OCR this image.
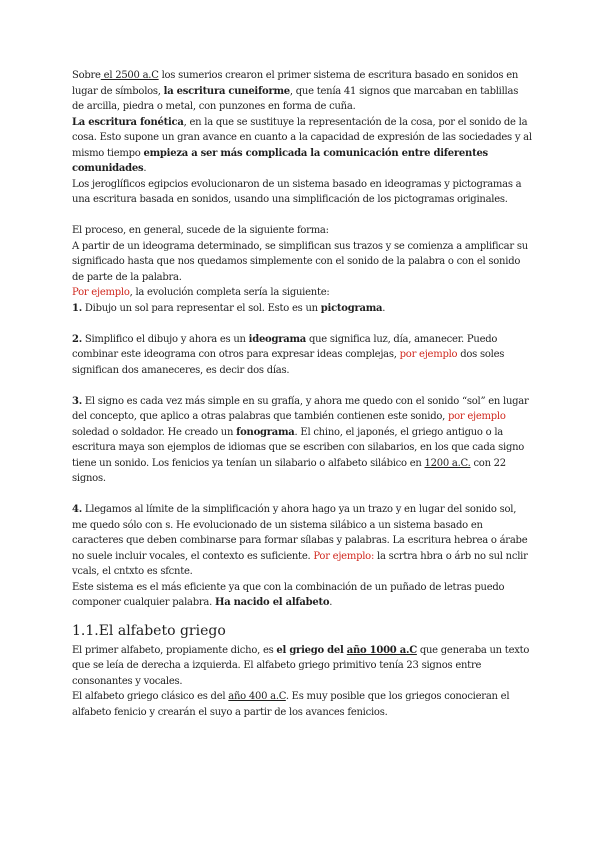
Sobre el 2500 a.C los sumerios crearon el primer sistema de escritura basado en sonidos en lugar de símbolos, la escritura cuneiforme, que tenía 41 signos que marcaban en tablillas de arcilla, piedra o metal, con punzones en forma de cuña.

La escritura fonética, en la que se sustituye la representación de la cosa, por el sonido de la cosa. Esto supone un gran avance en cuanto a la capacidad de expresión de las sociedades y al mismo tiempo empieza a ser más complicada la comunicación entre diferentes comunidades.

Los jeroglíficos egipcios evolucionaron de un sistema basado en ideogramas y pictogramas a una escritura basada en sonidos, usando una simplificación de los pictogramas originales.

El proceso, en general, sucede de la siguiente forma:

A partir de un ideograma determinado, se simplifican sus trazos y se comienza a amplificar su significado hasta que nos quedamos simplemente con el sonido de la palabra o con el sonido de parte de la palabra.

Por ejemplo, la evolución completa sería la siguiente:

1. Dibujo un sol para representar el sol. Esto es un pictograma.

2. Simplifico el dibujo y ahora es un ideograma que significa luz, día, amanecer. Puedo combinar este ideograma con otros para expresar ideas complejas, por ejemplo dos soles significan dos amaneceres, es decir dos días.

3. El signo es cada vez más simple en su grafía, y ahora me quedo con el sonido “sol” en lugar del concepto, que aplico a otras palabras que también contienen este sonido, por ejemplo soledad o soldador. He creado un fonograma. El chino, el japonés, el griego antiguo o la escritura maya son ejemplos de idiomas que se escriben con silabarios, en los que cada signo tiene un sonido. Los fenicios ya tenían un silabario o alfabeto silábico en 1200 a.C. con 22 signos.

4. Llegamos al límite de la simplificación y ahora hago ya un trazo y en lugar del sonido sol, me quedo sólo con s. He evolucionado de un sistema silábico a un sistema basado en caracteres que deben combinarse para formar sílabas y palabras. La escritura hebrea o árabe no suele incluir vocales, el contexto es suficiente. Por ejemplo: la scrtra hbra o árb no sul nclir vcals, el cntxto es sfcnte.

Este sistema es el más eficiente ya que con la combinación de un puñado de letras puedo componer cualquier palabra. Ha nacido el alfabeto.

1.1.El alfabeto griego

El primer alfabeto, propiamente dicho, es el griego del año 1000 a.C que generaba un texto que se leía de derecha a izquierda. El alfabeto griego primitivo tenía 23 signos entre consonantes y vocales.

El alfabeto griego clásico es del año 400 a.C. Es muy posible que los griegos conocieran el alfabeto fenicio y crearán el suyo a partir de los avances fenicios.
